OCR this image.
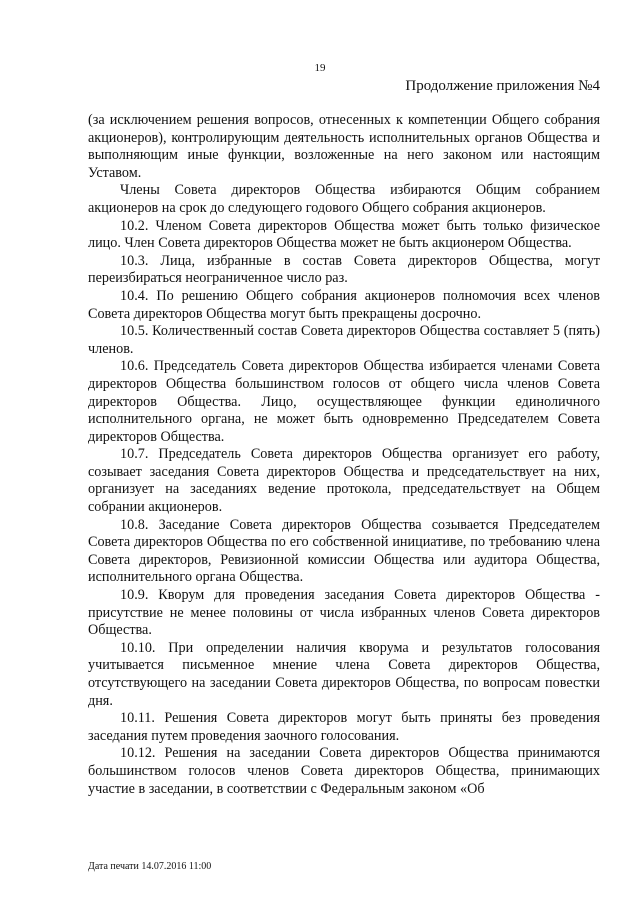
19
Продолжение приложения №4

(за исключением решения вопросов, отнесенных к компетенции Общего собрания акционеров), контролирующим деятельность исполнительных органов Общества и выполняющим иные функции, возложенные на него законом или настоящим Уставом.

Члены Совета директоров Общества избираются Общим собранием акционеров на срок до следующего годового Общего собрания акционеров.

10.2. Членом Совета директоров Общества может быть только физическое лицо. Член Совета директоров Общества может не быть акционером Общества.

10.3. Лица, избранные в состав Совета директоров Общества, могут переизбираться неограниченное число раз.

10.4. По решению Общего собрания акционеров полномочия всех членов Совета директоров Общества могут быть прекращены досрочно.

10.5. Количественный состав Совета директоров Общества составляет 5 (пять) членов.

10.6. Председатель Совета директоров Общества избирается членами Совета директоров Общества большинством голосов от общего числа членов Совета директоров Общества. Лицо, осуществляющее функции единоличного исполнительного органа, не может быть одновременно Председателем Совета директоров Общества.

10.7. Председатель Совета директоров Общества организует его работу, созывает заседания Совета директоров Общества и председательствует на них, организует на заседаниях ведение протокола, председательствует на Общем собрании акционеров.

10.8. Заседание Совета директоров Общества созывается Председателем Совета директоров Общества по его собственной инициативе, по требованию члена Совета директоров, Ревизионной комиссии Общества или аудитора Общества, исполнительного органа Общества.

10.9. Кворум для проведения заседания Совета директоров Общества - присутствие не менее половины от числа избранных членов Совета директоров Общества.

10.10. При определении наличия кворума и результатов голосования учитывается письменное мнение члена Совета директоров Общества, отсутствующего на заседании Совета директоров Общества, по вопросам повестки дня.

10.11. Решения Совета директоров могут быть приняты без проведения заседания путем проведения заочного голосования.

10.12. Решения на заседании Совета директоров Общества принимаются большинством голосов членов Совета директоров Общества, принимающих участие в заседании, в соответствии с Федеральным законом «Об

Дата печати 14.07.2016 11:00
